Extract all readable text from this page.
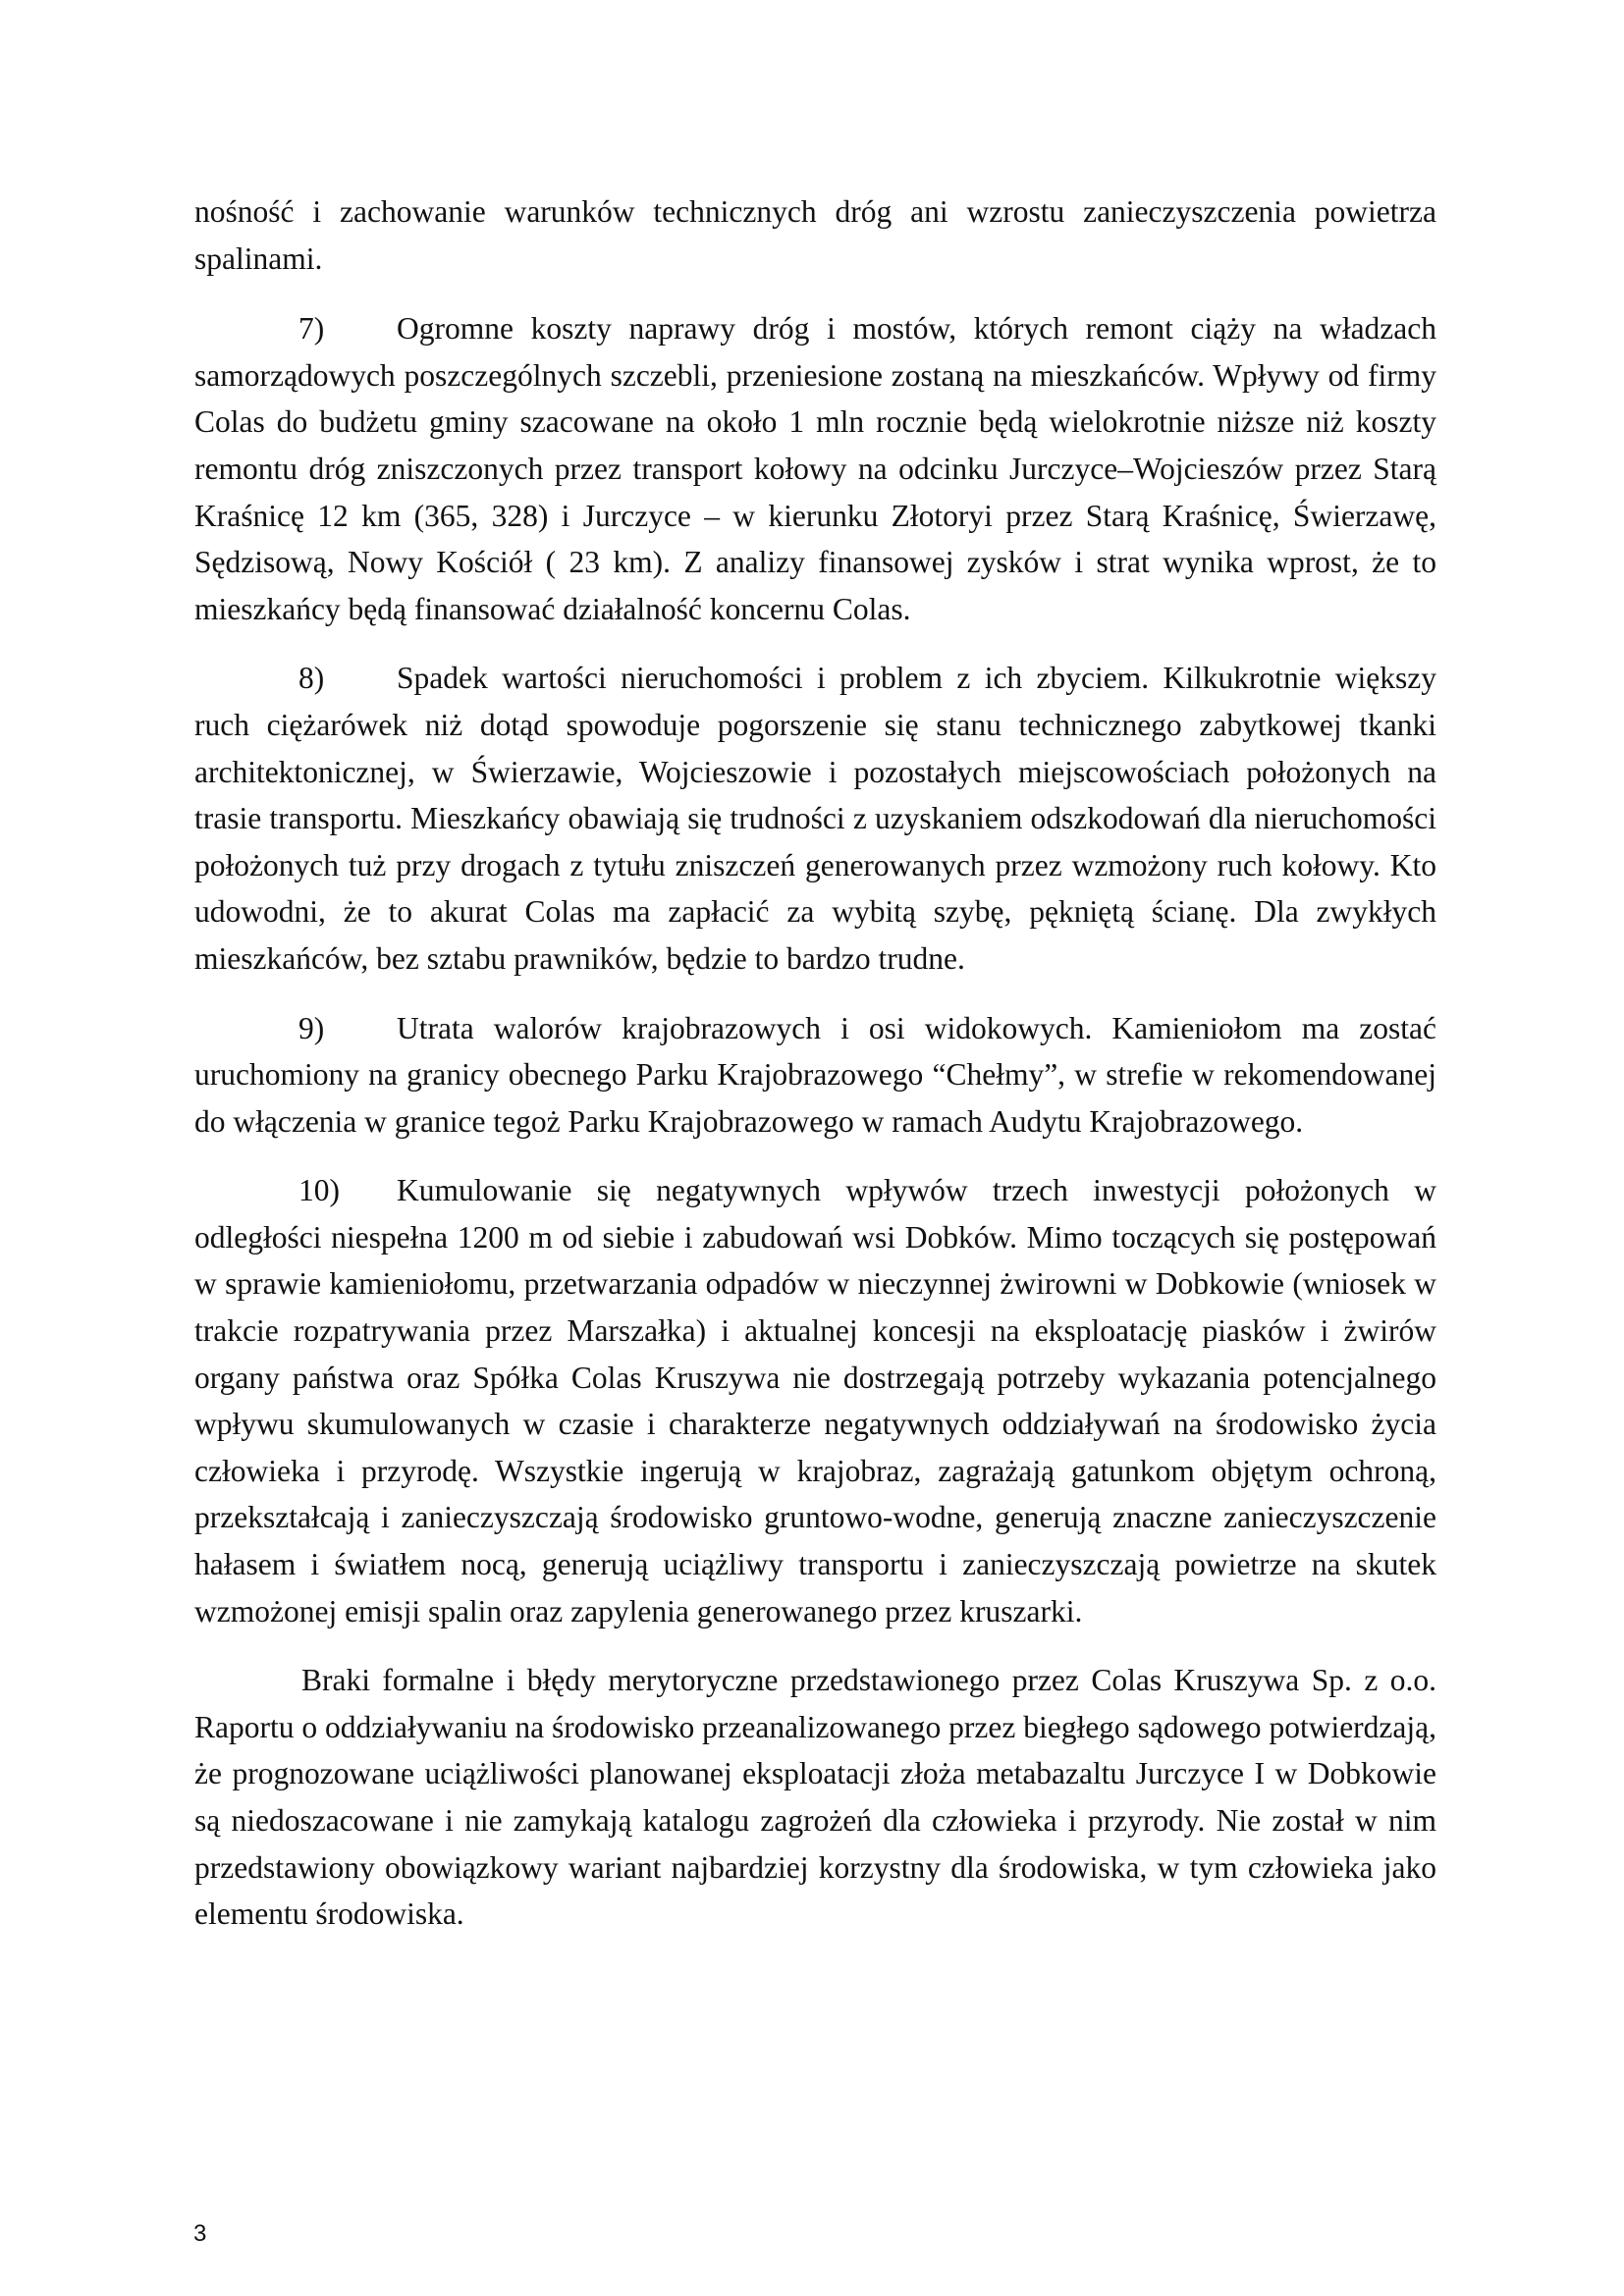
nośność i zachowanie warunków technicznych dróg ani wzrostu zanieczyszczenia powietrza spalinami.

7) Ogromne koszty naprawy dróg i mostów, których remont ciąży na władzach samorządowych poszczególnych szczebli, przeniesione zostaną na mieszkańców. Wpływy od firmy Colas do budżetu gminy szacowane na około 1 mln rocznie będą wielokrotnie niższe niż koszty remontu dróg zniszczonych przez transport kołowy na odcinku Jurczyce–Wojcieszów przez Starą Kraśnicę 12 km (365, 328) i Jurczyce – w kierunku Złotoryi przez Starą Kraśnicę, Świerzawę, Sędzisową, Nowy Kościół ( 23 km). Z analizy finansowej zysków i strat wynika wprost, że to mieszkańcy będą finansować działalność koncernu Colas.

8) Spadek wartości nieruchomości i problem z ich zbyciem. Kilkukrotnie większy ruch ciężarówek niż dotąd spowoduje pogorszenie się stanu technicznego zabytkowej tkanki architektonicznej, w Świerzawie, Wojcieszowie i pozostałych miejscowościach położonych na trasie transportu. Mieszkańcy obawiają się trudności z uzyskaniem odszkodowań dla nieruchomości położonych tuż przy drogach z tytułu zniszczeń generowanych przez wzmożony ruch kołowy. Kto udowodni, że to akurat Colas ma zapłacić za wybitą szybę, pękniętą ścianę. Dla zwykłych mieszkańców, bez sztabu prawników, będzie to bardzo trudne.

9) Utrata walorów krajobrazowych i osi widokowych. Kamieniołom ma zostać uruchomiony na granicy obecnego Parku Krajobrazowego “Chełmy”, w strefie w rekomendowanej do włączenia w granice tegoż Parku Krajobrazowego w ramach Audytu Krajobrazowego.

10) Kumulowanie się negatywnych wpływów trzech inwestycji położonych w odległości niespełna 1200 m od siebie i zabudowań wsi Dobków. Mimo toczących się postępowań w sprawie kamieniołomu, przetwarzania odpadów w nieczynnej żwirowni w Dobkowie (wniosek w trakcie rozpatrywania przez Marszałka) i aktualnej koncesji na eksploatację piasków i żwirów organy państwa oraz Spółka Colas Kruszywa nie dostrzegają potrzeby wykazania potencjalnego wpływu skumulowanych w czasie i charakterze negatywnych oddziaływań na środowisko życia człowieka i przyrodę. Wszystkie ingerują w krajobraz, zagrażają gatunkom objętym ochroną, przekształcają i zanieczyszczają środowisko gruntowo-wodne, generują znaczne zanieczyszczenie hałasem i światłem nocą, generują uciążliwy transportu i zanieczyszczają powietrze na skutek wzmożonej emisji spalin oraz zapylenia generowanego przez kruszarki.

Braki formalne i błędy merytoryczne przedstawionego przez Colas Kruszywa Sp. z o.o. Raportu o oddziaływaniu na środowisko przeanalizowanego przez biegłego sądowego potwierdzają, że prognozowane uciążliwości planowanej eksploatacji złoża metabazaltu Jurczyce I w Dobkowie są niedoszacowane i nie zamykają katalogu zagrożeń dla człowieka i przyrody. Nie został w nim przedstawiony obowiązkowy wariant najbardziej korzystny dla środowiska, w tym człowieka jako elementu środowiska.

3
